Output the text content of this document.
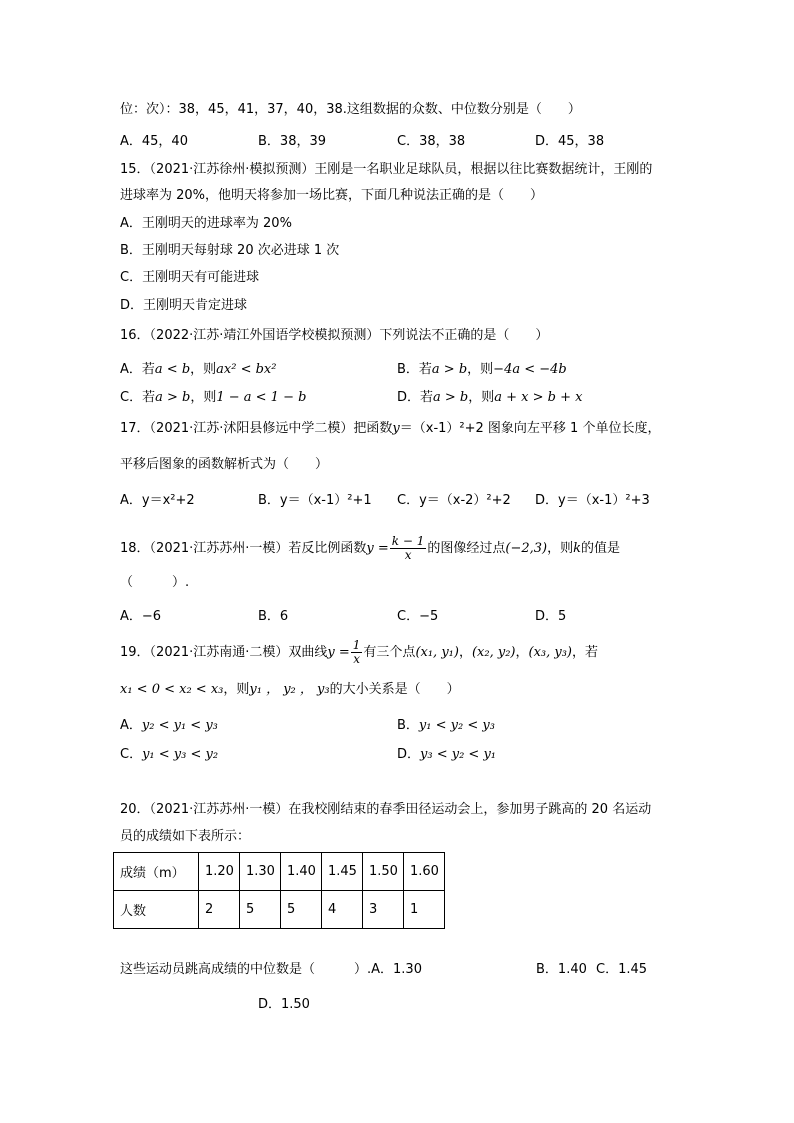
位：次）：38，45，41，37，40，38.这组数据的众数、中位数分别是（　　）
A．45，40	B．38，39	C．38，38	D．45，38
15．（2021·江苏徐州·模拟预测）王刚是一名职业足球队员，根据以往比赛数据统计，王刚的
进球率为 20%，他明天将参加一场比赛，下面几种说法正确的是（　　）
A．王刚明天的进球率为 20%
B．王刚明天每射球 20 次必进球 1 次
C．王刚明天有可能进球
D．王刚明天肯定进球
16．（2022·江苏·靖江外国语学校模拟预测）下列说法不正确的是（　　）
A．若a < b，则ax² < bx²	B．若a > b，则−4a < −4b
C．若a > b，则1 − a < 1 − b	D．若a > b，则a + x > b + x
17．（2021·江苏·沭阳县修远中学二模）把函数y＝（x-1）²+2 图象向左平移 1 个单位长度，
平移后图象的函数解析式为（　　）
A．y＝x²+2	B．y＝（x-1）²+1 C．y＝（x-2）²+2 D．y＝（x-1）²+3
18．（2021·江苏苏州·一模）若反比例函数$y = \frac{k - 1}{x}$ 的图像经过点(−2,3)，则k的值是
（　　　）.
A．−6	B．6	C．−5	D．5
19．（2021·江苏南通·二模）双曲线$y = \frac{1}{x}$ 有三个点(x₁, y₁)，(x₂, y₂)，(x₃, y₃)，若
x₁ < 0 < x₂ < x₃，则y₁ ， y₂ ， y₃的大小关系是（　　）
A．y₂ < y₁ < y₃	B．y₁ < y₂ < y₃
C．y₁ < y₃ < y₂	D．y₃ < y₂ < y₁
20．（2021·江苏苏州·一模）在我校刚结束的春季田径运动会上，参加男子跳高的 20 名运动
员的成绩如下表所示：
成绩（m）	1.20	1.30	1.40	1.45	1.50	1.60
人数	2	5	5	4	3	1
这些运动员跳高成绩的中位数是（　　　）.A．1.30	B．1.40 C．1.45
D．1.50
